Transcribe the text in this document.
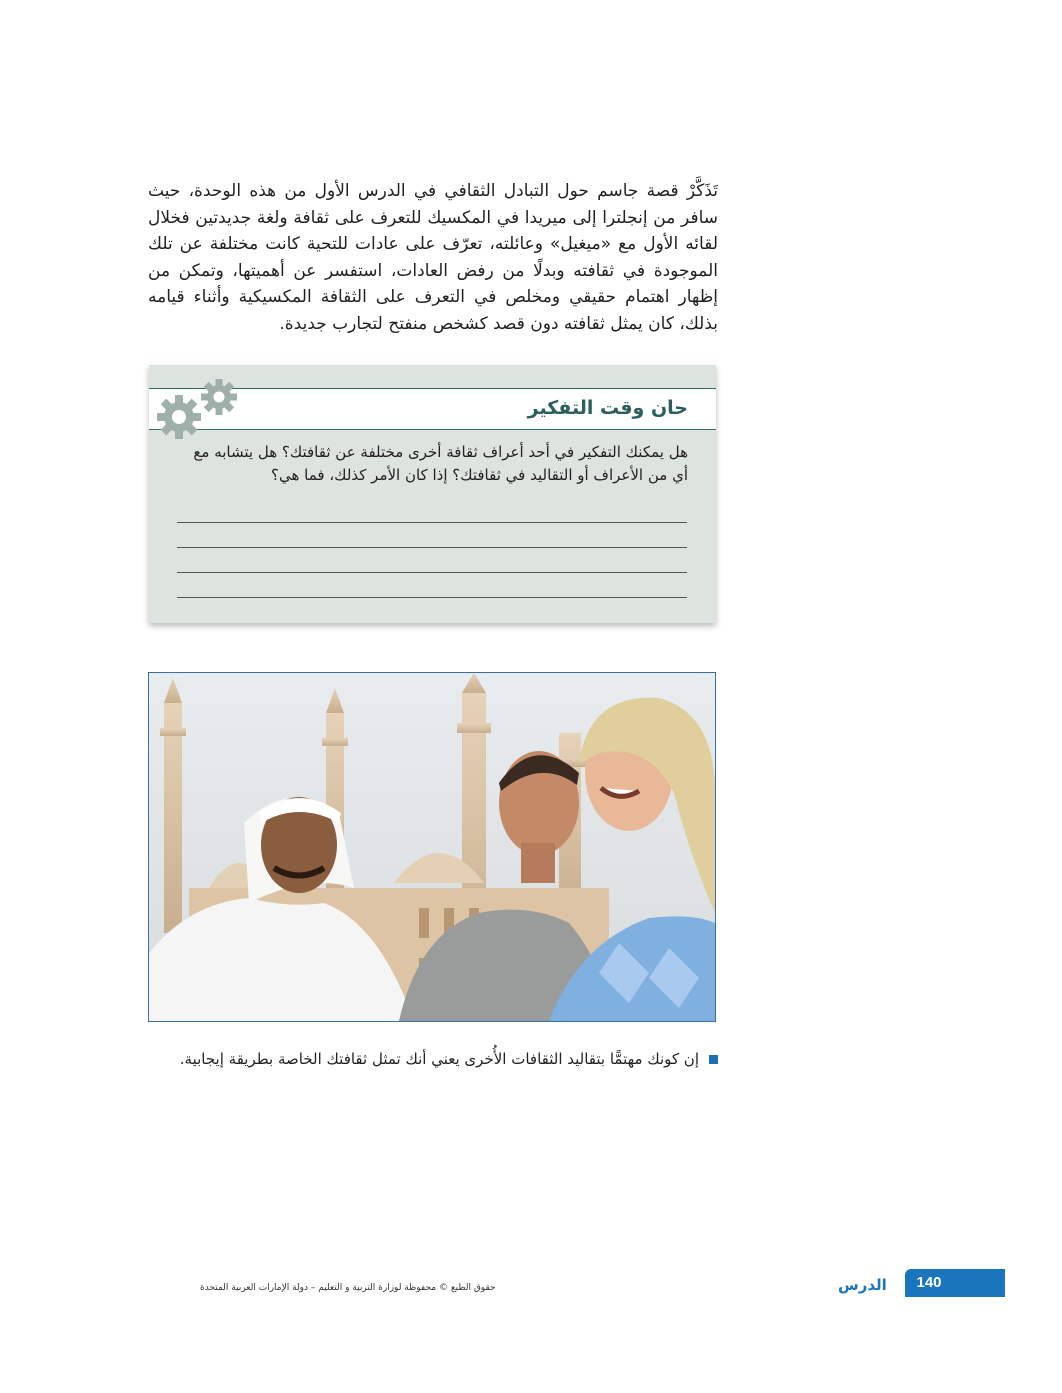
تَذَكَّرْ قصة جاسم حول التبادل الثقافي في الدرس الأول من هذه الوحدة، حيث سافر من إنجلترا إلى ميريدا في المكسيك للتعرف على ثقافة ولغة جديدتين فخلال لقائه الأول مع «ميغيل» وعائلته، تعرّف على عادات للتحية كانت مختلفة عن تلك الموجودة في ثقافته وبدلًا من رفض العادات، استفسر عن أهميتها، وتمكن من إظهار اهتمام حقيقي ومخلص في التعرف على الثقافة المكسيكية وأثناء قيامه بذلك، كان يمثل ثقافته دون قصد كشخص منفتح لتجارب جديدة.

حان وقت التفكير

هل يمكنك التفكير في أحد أعراف ثقافة أخرى مختلفة عن ثقافتك؟ هل يتشابه مع
أي من الأعراف أو التقاليد في ثقافتك؟ إذا كان الأمر كذلك، فما هي؟

إن كونك مهتمًّا بتقاليد الثقافات الأُخرى يعني أنك تمثل ثقافتك الخاصة بطريقة إيجابية.
140
الدرس
حقوق الطبع © محفوظة لوزارة التربية و التعليم – دولة الإمارات العربية المتحدة
